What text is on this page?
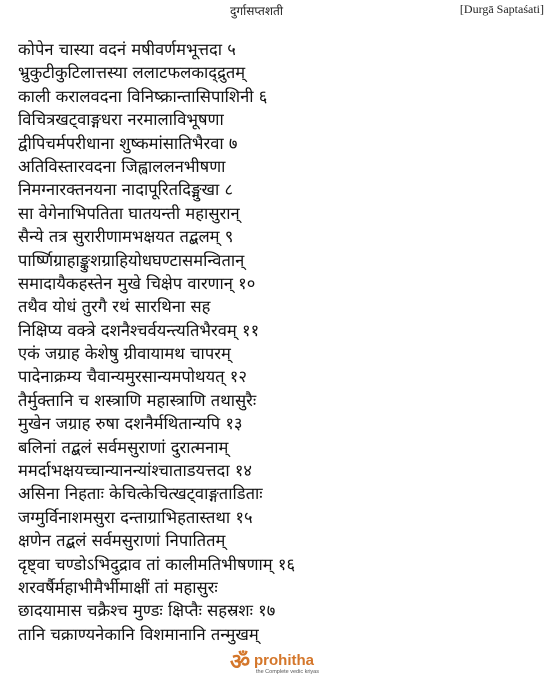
दुर्गासप्तशती	[Durgā Saptaśati]
कोपेन चास्या वदनं मषीवर्णमभूत्तदा ५
भ्रुकुटीकुटिलात्तस्या ललाटफलकाद्द्रुतम्
काली करालवदना विनिष्क्रान्तासिपाशिनी ६
विचित्रखट्वाङ्गधरा नरमालाविभूषणा
द्वीपिचर्मपरीधाना शुष्कमांसातिभैरवा ७
अतिविस्तारवदना जिह्वाललनभीषणा
निमग्नारक्तनयना नादापूरितदिङ्मुखा ८
सा वेगेनाभिपतिता घातयन्ती महासुरान्
सैन्ये तत्र सुरारीणामभक्षयत तद्बलम् ९
पार्ष्णिग्राहाङ्कुशग्राहियोधघण्टासमन्वितान्
समादायैकहस्तेन मुखे चिक्षेप वारणान् १०
तथैव योधं तुरगै रथं सारथिना सह
निक्षिप्य वक्त्रे दशनैश्चर्वयन्त्यतिभैरवम् ११
एकं जग्राह केशेषु ग्रीवायामथ चापरम्
पादेनाक्रम्य चैवान्यमुरसान्यमपोथयत् १२
तैर्मुक्तानि च शस्त्राणि महास्त्राणि तथासुरैः
मुखेन जग्राह रुषा दशनैर्मथितान्यपि १३
बलिनां तद्बलं सर्वमसुराणां दुरात्मनाम्
ममर्दाभक्षयच्चान्यानन्यांश्चाताडयत्तदा १४
असिना निहताः केचित्केचित्खट्वाङ्गताडिताः
जग्मुर्विनाशमसुरा दन्ताग्राभिहतास्तथा १५
क्षणेन तद्बलं सर्वमसुराणां निपातितम्
दृष्ट्वा चण्डोऽभिदुद्राव तां कालीमतिभीषणाम् १६
शरवर्षैर्महाभीमैर्भीमाक्षीं तां महासुरः
छादयामास चक्रैश्च मुण्डः क्षिप्तैः सहस्रशः १७
तानि चक्राण्यनेकानि विशमानानि तन्मुखम्
ॐ prohitha
the Complete vedic kriyas
